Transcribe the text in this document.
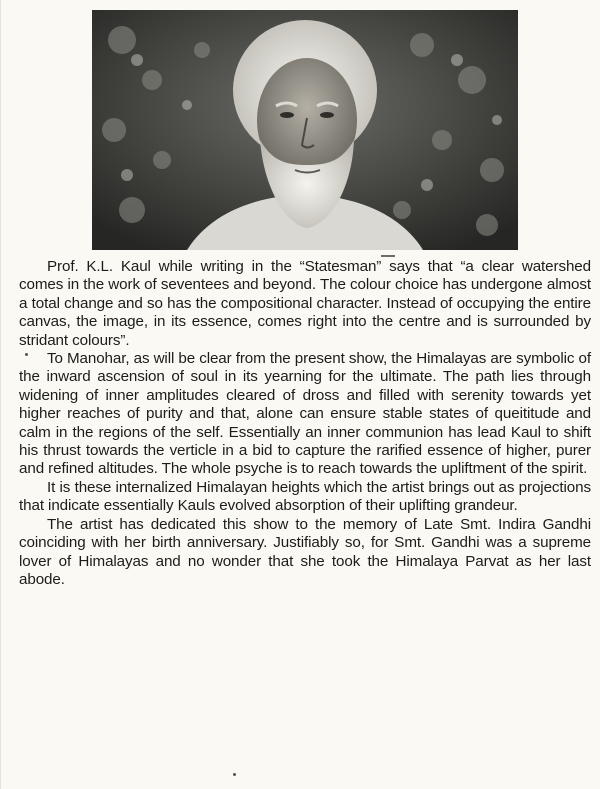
Prof. K.L. Kaul while writing in the “Statesman” says that “a clear watershed comes in the work of seventees and beyond. The colour choice has undergone almost a total change and so has the compositional character. Instead of occupying the entire canvas, the image, in its essence, comes right into the centre and is surrounded by stridant colours”.

To Manohar, as will be clear from the present show, the Himalayas are symbolic of the inward ascension of soul in its yearning for the ultimate. The path lies through widening of inner amplitudes cleared of dross and filled with serenity towards yet higher reaches of purity and that, alone can ensure stable states of queititude and calm in the regions of the self. Essentially an inner communion has lead Kaul to shift his thrust towards the verticle in a bid to capture the rarified essence of higher, purer and refined altitudes. The whole psyche is to reach towards the upliftment of the spirit.

It is these internalized Himalayan heights which the artist brings out as projections that indicate essentially Kauls evolved absorption of their uplifting grandeur.

The artist has dedicated this show to the memory of Late Smt. Indira Gandhi coinciding with her birth anniversary. Justifiably so, for Smt. Gandhi was a supreme lover of Himalayas and no wonder that she took the Himalaya Parvat as her last abode.
